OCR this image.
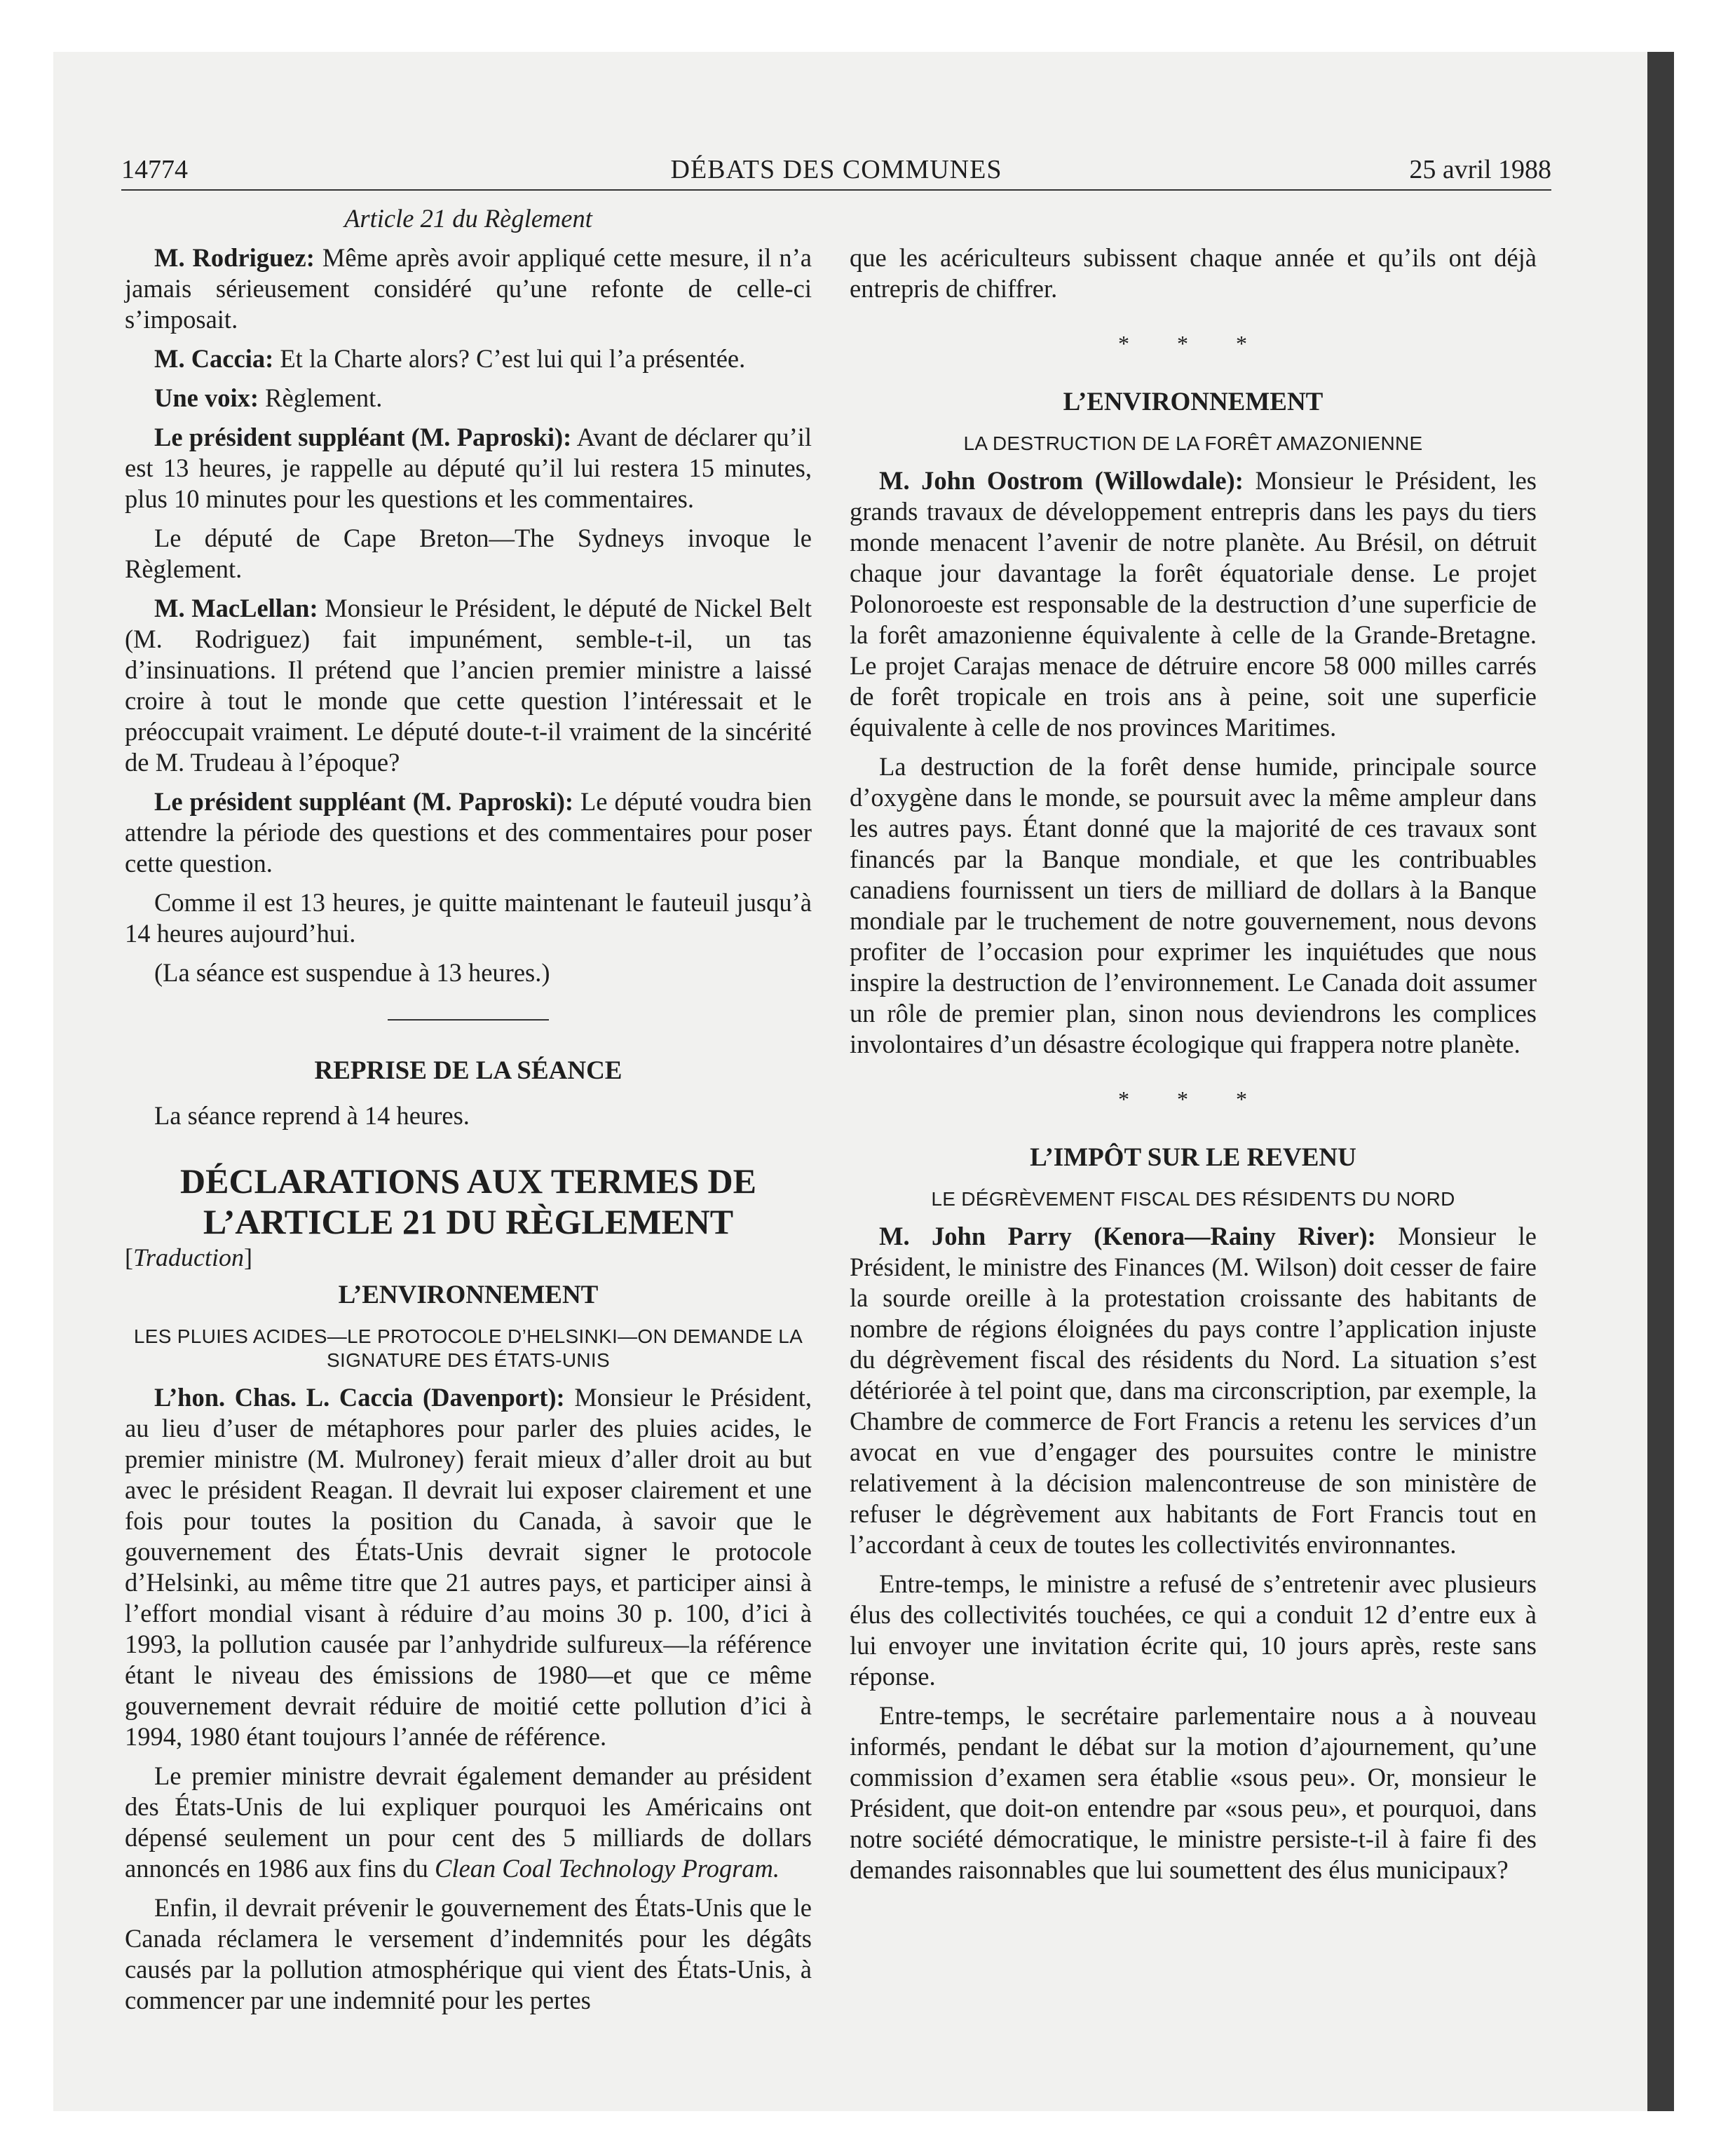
14774	DÉBATS DES COMMUNES	25 avril 1988
Article 21 du Règlement

M. Rodriguez: Même après avoir appliqué cette mesure, il n’a jamais sérieusement considéré qu’une refonte de celle-ci s’imposait.

M. Caccia: Et la Charte alors? C’est lui qui l’a présentée.

Une voix: Règlement.

Le président suppléant (M. Paproski): Avant de déclarer qu’il est 13 heures, je rappelle au député qu’il lui restera 15 minutes, plus 10 minutes pour les questions et les commentaires.

Le député de Cape Breton—The Sydneys invoque le Règlement.

M. MacLellan: Monsieur le Président, le député de Nickel Belt (M. Rodriguez) fait impunément, semble-t-il, un tas d’insinuations. Il prétend que l’ancien premier ministre a laissé croire à tout le monde que cette question l’intéressait et le préoccupait vraiment. Le député doute-t-il vraiment de la sincérité de M. Trudeau à l’époque?

Le président suppléant (M. Paproski): Le député voudra bien attendre la période des questions et des commentaires pour poser cette question.

Comme il est 13 heures, je quitte maintenant le fauteuil jusqu’à 14 heures aujourd’hui.

(La séance est suspendue à 13 heures.)

REPRISE DE LA SÉANCE

La séance reprend à 14 heures.

DÉCLARATIONS AUX TERMES DE
L’ARTICLE 21 DU RÈGLEMENT
[Traduction]
L’ENVIRONNEMENT
LES PLUIES ACIDES—LE PROTOCOLE D’HELSINKI—ON DEMANDE LA SIGNATURE DES ÉTATS-UNIS

L’hon. Chas. L. Caccia (Davenport): Monsieur le Président, au lieu d’user de métaphores pour parler des pluies acides, le premier ministre (M. Mulroney) ferait mieux d’aller droit au but avec le président Reagan. Il devrait lui exposer clairement et une fois pour toutes la position du Canada, à savoir que le gouvernement des États-Unis devrait signer le protocole d’Helsinki, au même titre que 21 autres pays, et participer ainsi à l’effort mondial visant à réduire d’au moins 30 p. 100, d’ici à 1993, la pollution causée par l’anhydride sulfureux—la référence étant le niveau des émissions de 1980—et que ce même gouvernement devrait réduire de moitié cette pollution d’ici à 1994, 1980 étant toujours l’année de référence.

Le premier ministre devrait également demander au président des États-Unis de lui expliquer pourquoi les Américains ont dépensé seulement un pour cent des 5 milliards de dollars annoncés en 1986 aux fins du Clean Coal Technology Program.

Enfin, il devrait prévenir le gouvernement des États-Unis que le Canada réclamera le versement d’indemnités pour les dégâts causés par la pollution atmosphérique qui vient des États-Unis, à commencer par une indemnité pour les pertes

que les acériculteurs subissent chaque année et qu’ils ont déjà entrepris de chiffrer.

* * *
L’ENVIRONNEMENT
LA DESTRUCTION DE LA FORÊT AMAZONIENNE

M. John Oostrom (Willowdale): Monsieur le Président, les grands travaux de développement entrepris dans les pays du tiers monde menacent l’avenir de notre planète. Au Brésil, on détruit chaque jour davantage la forêt équatoriale dense. Le projet Polonoroeste est responsable de la destruction d’une superficie de la forêt amazonienne équivalente à celle de la Grande-Bretagne. Le projet Carajas menace de détruire encore 58 000 milles carrés de forêt tropicale en trois ans à peine, soit une superficie équivalente à celle de nos provinces Maritimes.

La destruction de la forêt dense humide, principale source d’oxygène dans le monde, se poursuit avec la même ampleur dans les autres pays. Étant donné que la majorité de ces travaux sont financés par la Banque mondiale, et que les contribuables canadiens fournissent un tiers de milliard de dollars à la Banque mondiale par le truchement de notre gouvernement, nous devons profiter de l’occasion pour exprimer les inquiétudes que nous inspire la destruction de l’environnement. Le Canada doit assumer un rôle de premier plan, sinon nous deviendrons les complices involontaires d’un désastre écologique qui frappera notre planète.

* * *
L’IMPÔT SUR LE REVENU
LE DÉGRÈVEMENT FISCAL DES RÉSIDENTS DU NORD

M. John Parry (Kenora—Rainy River): Monsieur le Président, le ministre des Finances (M. Wilson) doit cesser de faire la sourde oreille à la protestation croissante des habitants de nombre de régions éloignées du pays contre l’application injuste du dégrèvement fiscal des résidents du Nord. La situation s’est détériorée à tel point que, dans ma circonscription, par exemple, la Chambre de commerce de Fort Francis a retenu les services d’un avocat en vue d’engager des poursuites contre le ministre relativement à la décision malencontreuse de son ministère de refuser le dégrèvement aux habitants de Fort Francis tout en l’accordant à ceux de toutes les collectivités environnantes.

Entre-temps, le ministre a refusé de s’entretenir avec plusieurs élus des collectivités touchées, ce qui a conduit 12 d’entre eux à lui envoyer une invitation écrite qui, 10 jours après, reste sans réponse.

Entre-temps, le secrétaire parlementaire nous a à nouveau informés, pendant le débat sur la motion d’ajournement, qu’une commission d’examen sera établie «sous peu». Or, monsieur le Président, que doit-on entendre par «sous peu», et pourquoi, dans notre société démocratique, le ministre persiste-t-il à faire fi des demandes raisonnables que lui soumettent des élus municipaux?
